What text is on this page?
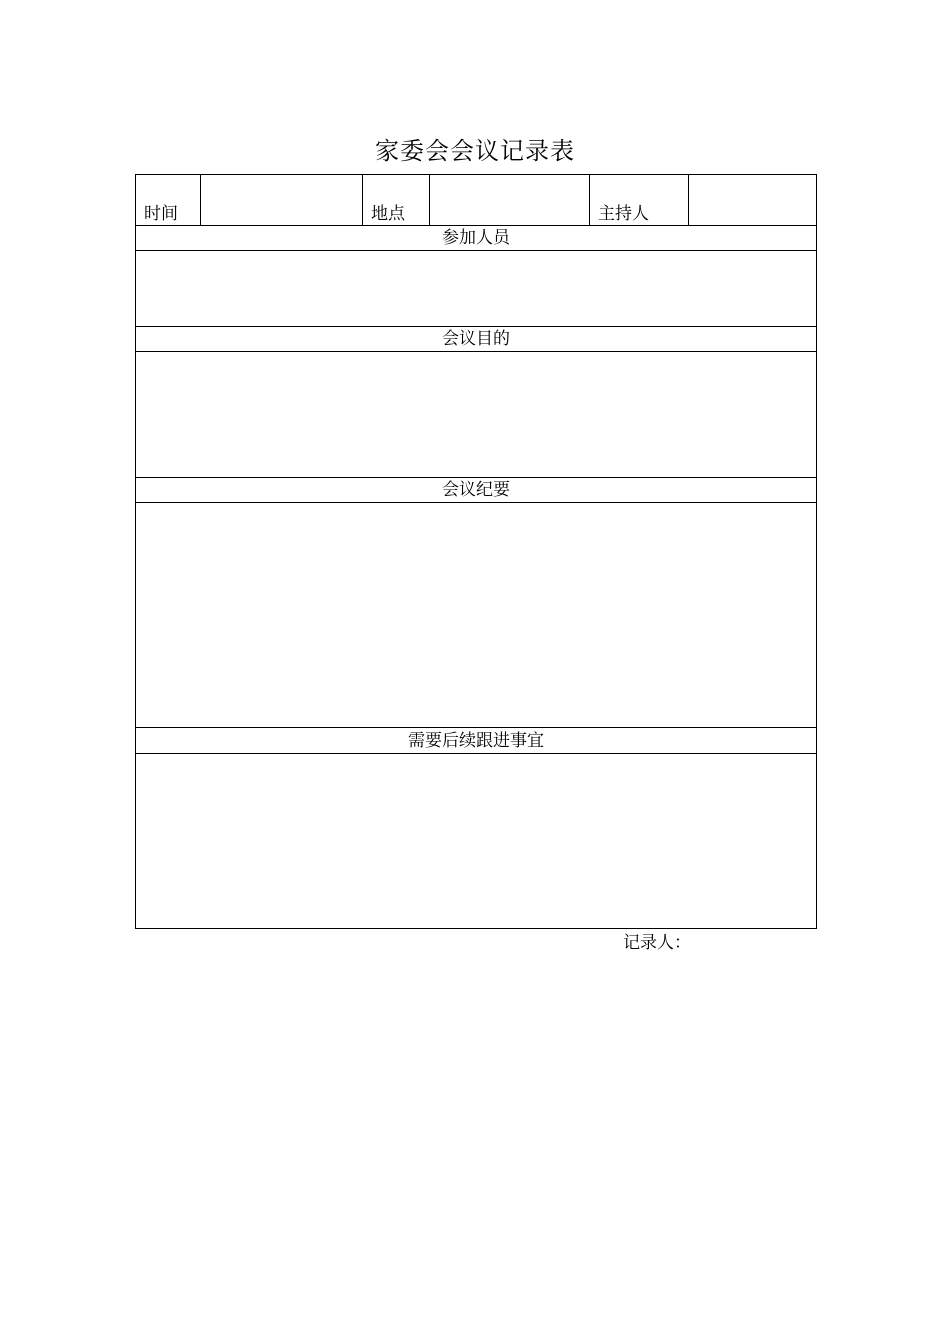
家委会会议记录表
时间		地点		主持人	
参加人员

会议目的

会议纪要

需要后续跟进事宜

记录人：
